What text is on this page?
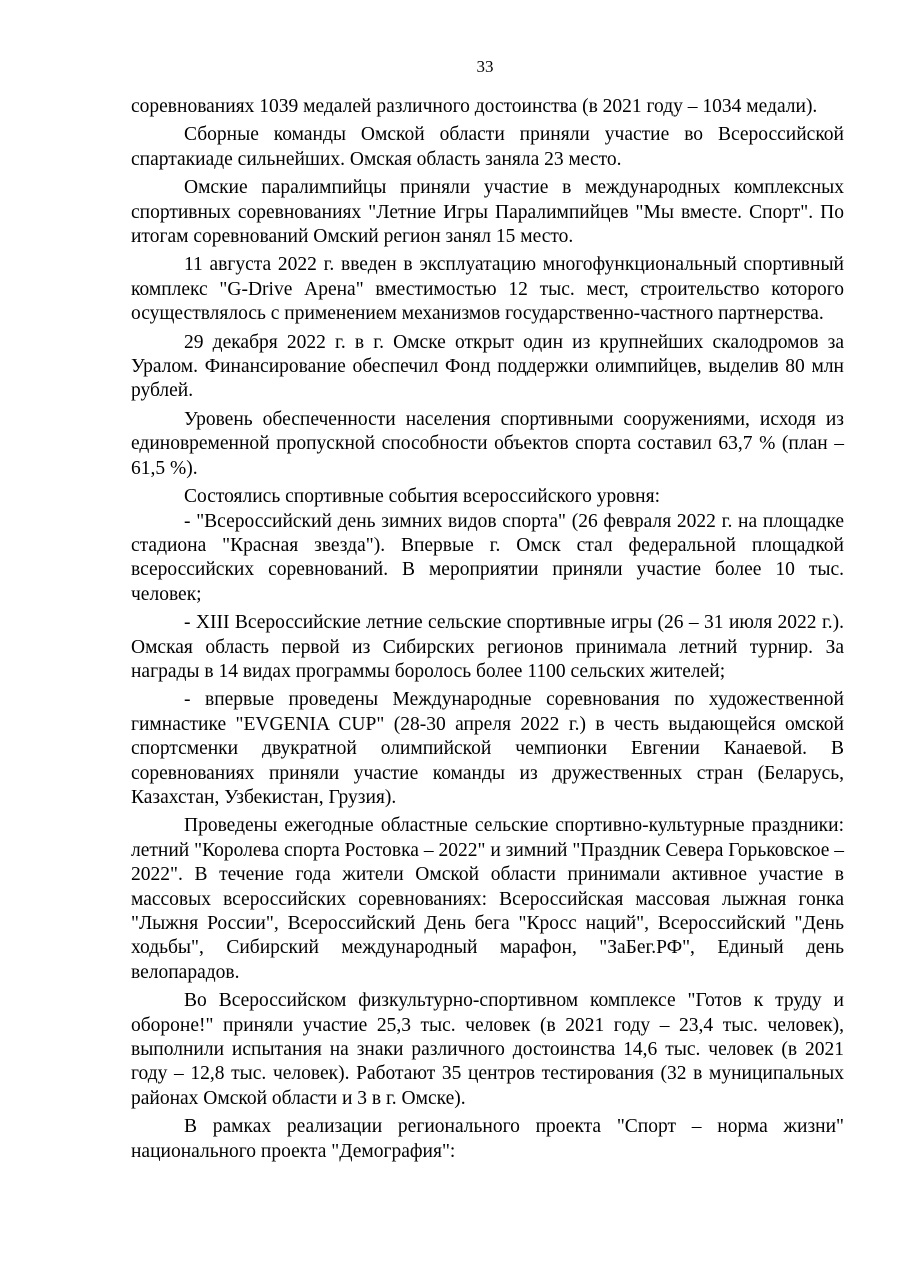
33

соревнованиях 1039 медалей различного достоинства (в 2021 году – 1034 медали).

Сборные команды Омской области приняли участие во Всероссийской спартакиаде сильнейших. Омская область заняла 23 место.

Омские паралимпийцы приняли участие в международных комплексных спортивных соревнованиях "Летние Игры Паралимпийцев "Мы вместе. Спорт". По итогам соревнований Омский регион занял 15 место.

11 августа 2022 г. введен в эксплуатацию многофункциональный спортивный комплекс "G-Drive Арена" вместимостью 12 тыс. мест, строительство которого осуществлялось с применением механизмов государственно-частного партнерства.

29 декабря 2022 г. в г. Омске открыт один из крупнейших скалодромов за Уралом. Финансирование обеспечил Фонд поддержки олимпийцев, выделив 80 млн рублей.

Уровень обеспеченности населения спортивными сооружениями, исходя из единовременной пропускной способности объектов спорта составил 63,7 % (план – 61,5 %).

Состоялись спортивные события всероссийского уровня:

- "Всероссийский день зимних видов спорта" (26 февраля 2022 г. на площадке стадиона "Красная звезда"). Впервые г. Омск стал федеральной площадкой всероссийских соревнований. В мероприятии приняли участие более 10 тыс. человек;

- XIII Всероссийские летние сельские спортивные игры (26 – 31 июля 2022 г.). Омская область первой из Сибирских регионов принимала летний турнир. За награды в 14 видах программы боролось более 1100 сельских жителей;

- впервые проведены Международные соревнования по художественной гимнастике "EVGENIA CUP" (28-30 апреля 2022 г.) в честь выдающейся омской спортсменки двукратной олимпийской чемпионки Евгении Канаевой. В соревнованиях приняли участие команды из дружественных стран (Беларусь, Казахстан, Узбекистан, Грузия).

Проведены ежегодные областные сельские спортивно-культурные праздники: летний "Королева спорта Ростовка – 2022" и зимний "Праздник Севера Горьковское – 2022". В течение года жители Омской области принимали активное участие в массовых всероссийских соревнованиях: Всероссийская массовая лыжная гонка "Лыжня России", Всероссийский День бега "Кросс наций", Всероссийский "День ходьбы", Сибирский международный марафон, "ЗаБег.РФ", Единый день велопарадов.

Во Всероссийском физкультурно-спортивном комплексе "Готов к труду и обороне!" приняли участие 25,3 тыс. человек (в 2021 году – 23,4 тыс. человек), выполнили испытания на знаки различного достоинства 14,6 тыс. человек (в 2021 году – 12,8 тыс. человек). Работают 35 центров тестирования (32 в муниципальных районах Омской области и 3 в г. Омске).

В рамках реализации регионального проекта "Спорт – норма жизни" национального проекта "Демография":
